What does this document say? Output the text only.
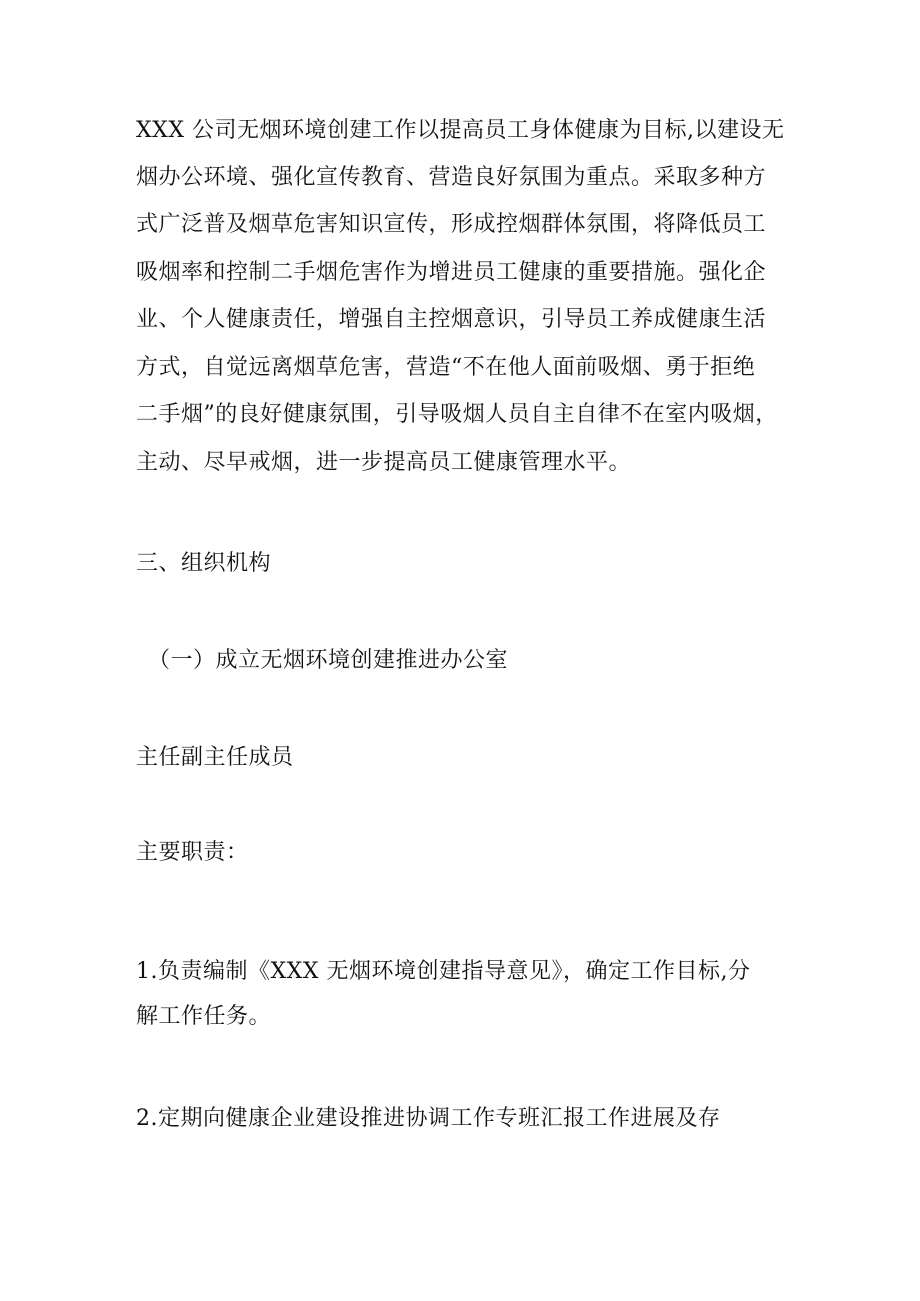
XXX 公司无烟环境创建工作以提高员工身体健康为目标,以建设无
烟办公环境、强化宣传教育、营造良好氛围为重点。采取多种方
式广泛普及烟草危害知识宣传，形成控烟群体氛围，将降低员工
吸烟率和控制二手烟危害作为增进员工健康的重要措施。强化企
业、个人健康责任，增强自主控烟意识，引导员工养成健康生活
方式，自觉远离烟草危害，营造“不在他人面前吸烟、勇于拒绝
二手烟”的良好健康氛围，引导吸烟人员自主自律不在室内吸烟，
主动、尽早戒烟，进一步提高员工健康管理水平。
三、组织机构
（一）成立无烟环境创建推进办公室
主任副主任成员
主要职责：
1.负责编制《XXX 无烟环境创建指导意见》，确定工作目标,分
解工作任务。
2.定期向健康企业建设推进协调工作专班汇报工作进展及存
